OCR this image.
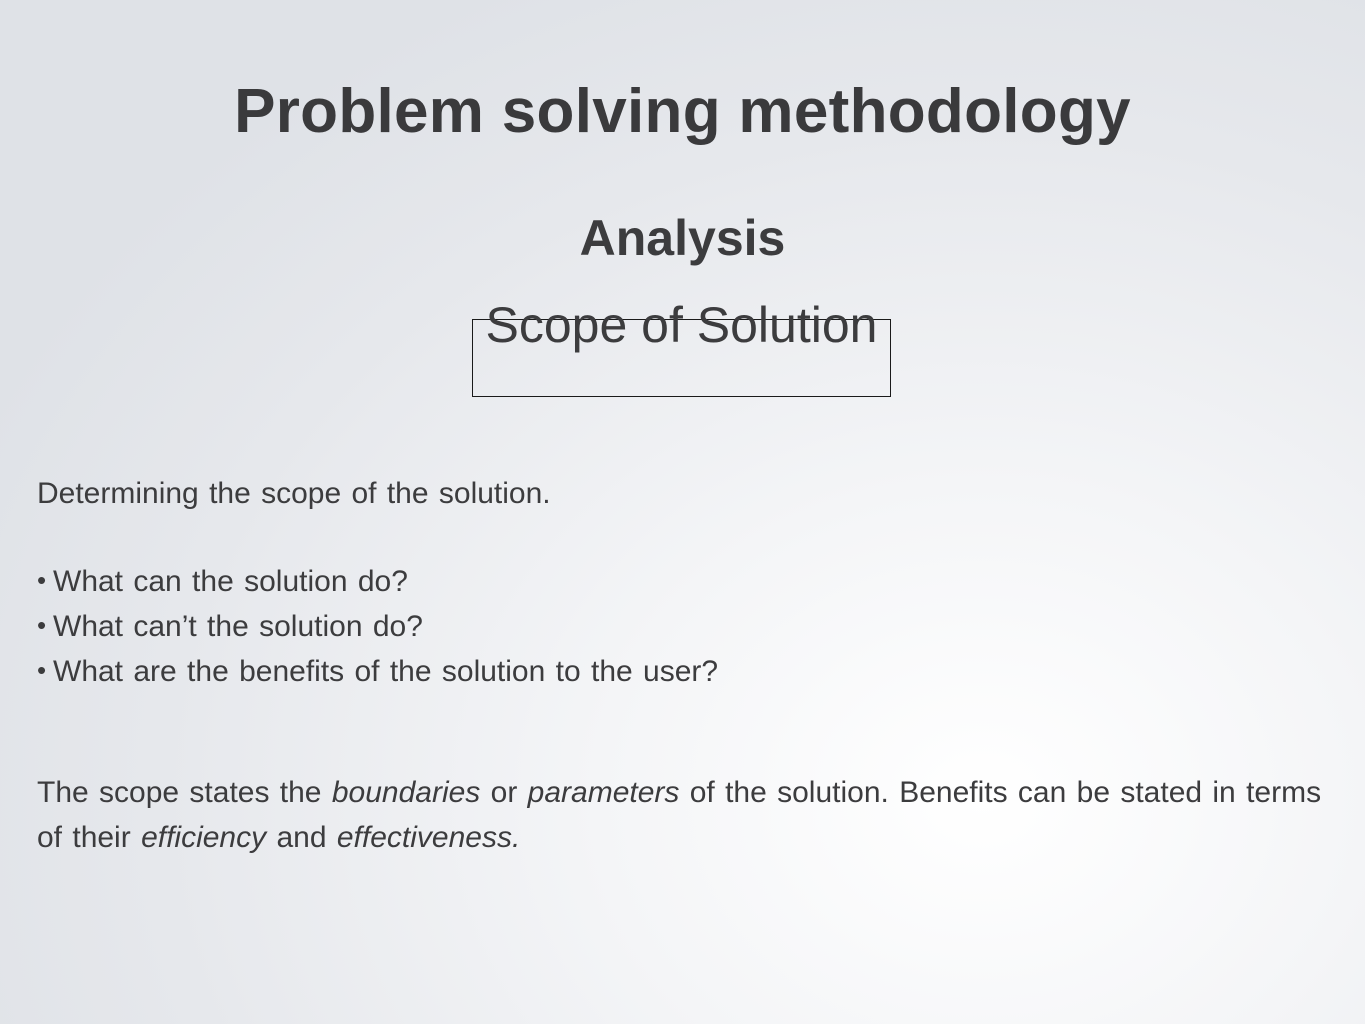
Problem solving methodology
Analysis
Scope of Solution
Determining the scope of the solution.
• What can the solution do?
• What can’t the solution do?
• What are the benefits of the solution to the user?

The scope states the boundaries or parameters of the solution. Benefits can be stated in terms of their efficiency and effectiveness.
